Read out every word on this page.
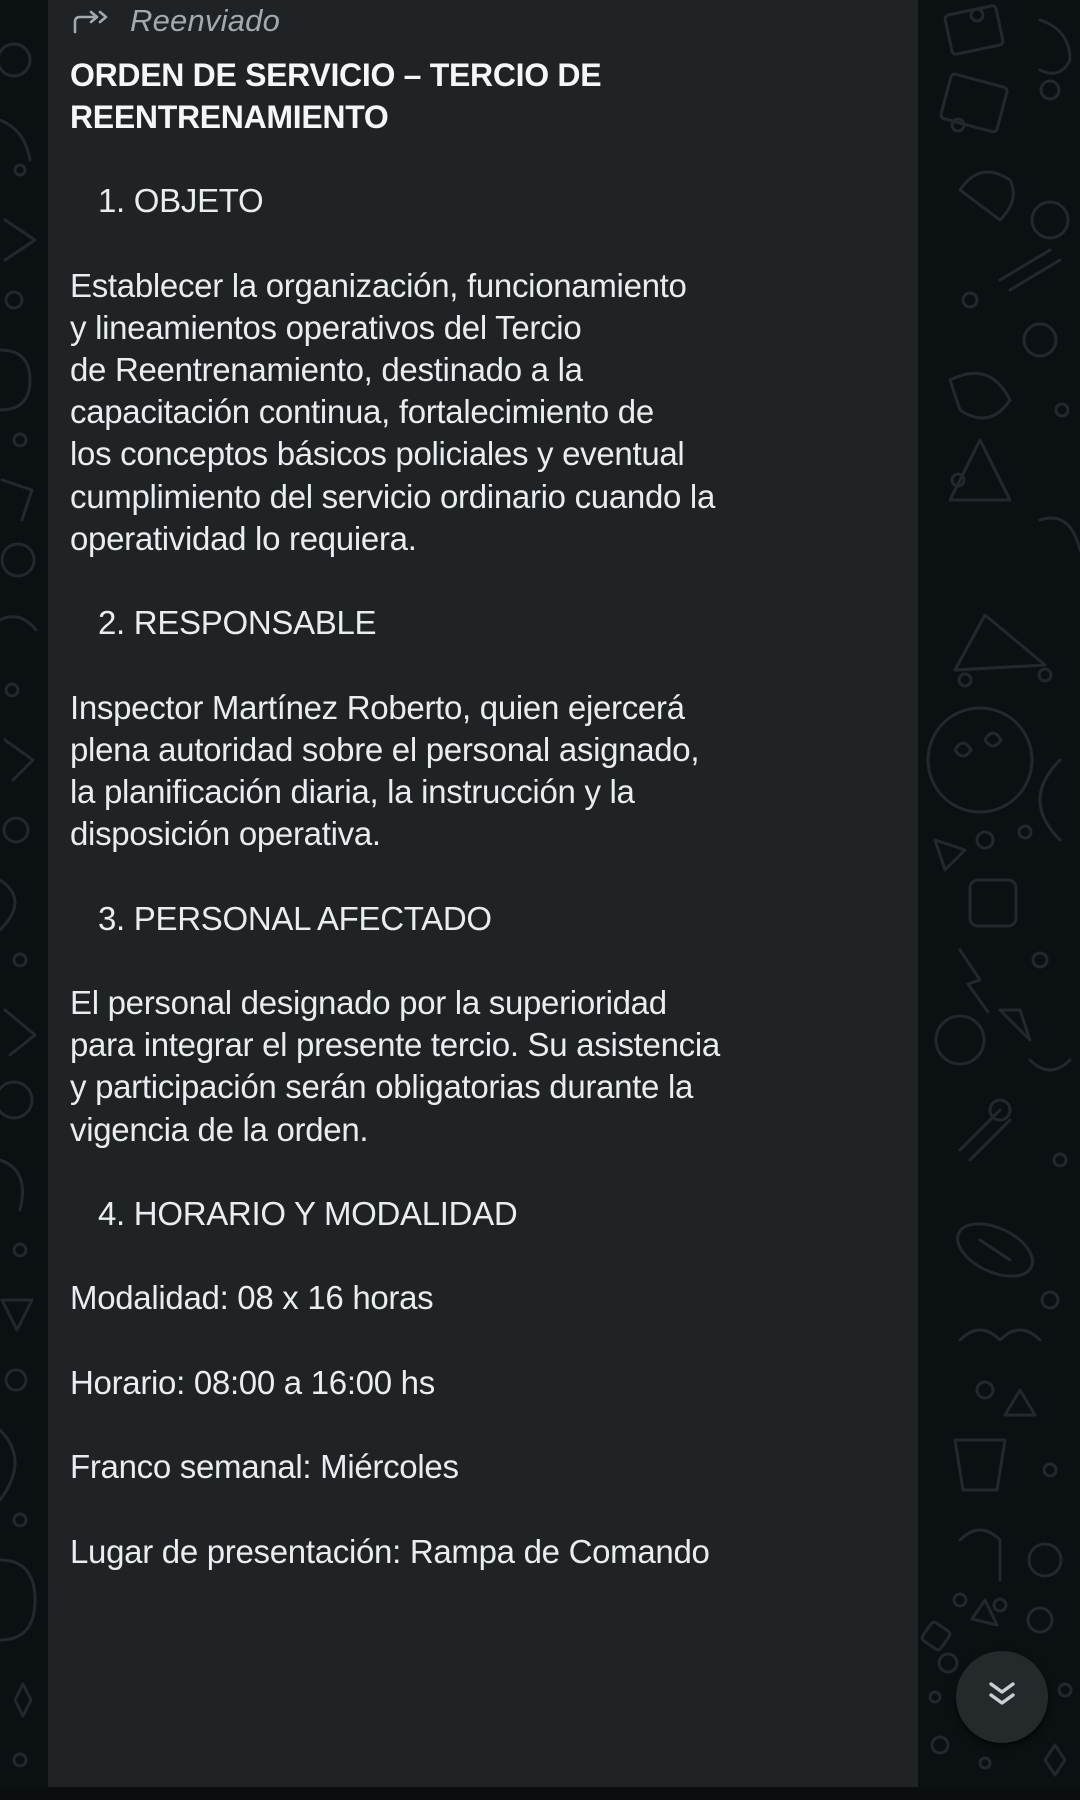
Reenviado
ORDEN DE SERVICIO – TERCIO DE
REENTRENAMIENTO
1. OBJETO
Establecer la organización, funcionamiento
y lineamientos operativos del Tercio
de Reentrenamiento, destinado a la
capacitación continua, fortalecimiento de
los conceptos básicos policiales y eventual
cumplimiento del servicio ordinario cuando la
operatividad lo requiera.
2. RESPONSABLE
Inspector Martínez Roberto, quien ejercerá
plena autoridad sobre el personal asignado,
la planificación diaria, la instrucción y la
disposición operativa.
3. PERSONAL AFECTADO
El personal designado por la superioridad
para integrar el presente tercio. Su asistencia
y participación serán obligatorias durante la
vigencia de la orden.
4. HORARIO Y MODALIDAD
Modalidad: 08 x 16 horas
Horario: 08:00 a 16:00 hs
Franco semanal: Miércoles
Lugar de presentación: Rampa de Comando
